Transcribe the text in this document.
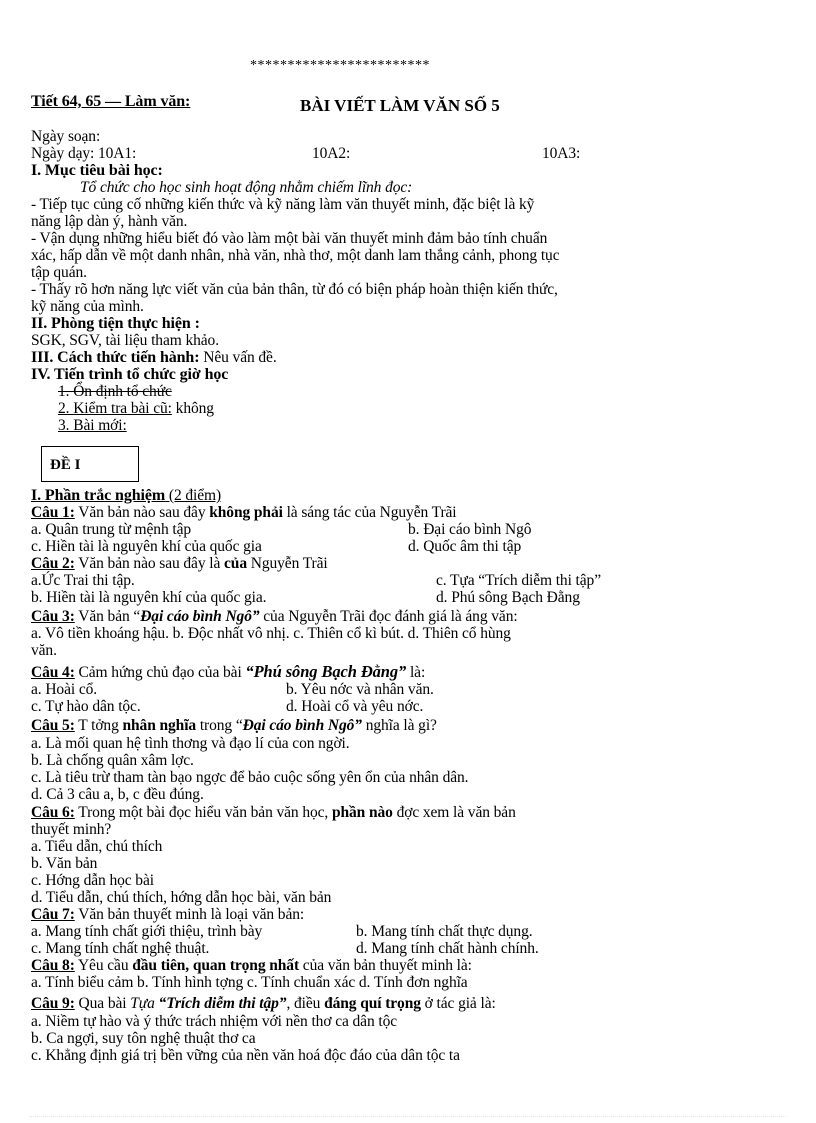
************************
Tiết 64, 65 — Làm văn:	BÀI VIẾT LÀM VĂN SỐ 5
Ngày soạn:
Ngày dạy: 10A1:	10A2:	10A3:
I. Mục tiêu bài học:
Tổ chức cho học sinh hoạt động nhằm chiếm lĩnh đọc:
- Tiếp tục củng cố những kiến thức và kỹ năng làm văn thuyết minh, đặc biệt là kỹ
năng lập dàn ý, hành văn.
- Vận dụng những hiểu biết đó vào làm một bài văn thuyết minh đảm bảo tính chuẩn
xác, hấp dẫn về một danh nhân, nhà văn, nhà thơ, một danh lam thắng cảnh, phong tục
tập quán.
- Thấy rõ hơn năng lực viết văn của bản thân, từ đó có biện pháp hoàn thiện kiến thức,
kỹ năng của mình.
II. Phòng tiện thực hiện :
SGK, SGV, tài liệu tham khảo.
III. Cách thức tiến hành: Nêu vấn đề.
IV. Tiến trình tổ chức giờ học
1. Ổn định tổ chức
2. Kiểm tra bài cũ: không
3. Bài mới:
ĐỀ I
I. Phần trắc nghiệm (2 điểm)
Câu 1: Văn bản nào sau đây không phải là sáng tác của Nguyễn Trãi
a. Quân trung từ mệnh tập	b. Đại cáo bình Ngô
c. Hiền tài là nguyên khí của quốc gia	d. Quốc âm thi tập
Câu 2: Văn bản nào sau đây là của Nguyễn Trãi
a.Ức Trai thi tập.	c. Tựa “Trích diễm thi tập”
b. Hiền tài là nguyên khí của quốc gia.	d. Phú sông Bạch Đằng
Câu 3: Văn bản “Đại cáo bình Ngô” của Nguyễn Trãi đọc đánh giá là áng văn:
a. Vô tiền khoáng hậu. b. Độc nhất vô nhị. c. Thiên cổ kì bút. d. Thiên cổ hùng
văn.
Câu 4: Cảm hứng chủ đạo của bài “Phú sông Bạch Đằng” là:
a. Hoài cổ.	b. Yêu nớc và nhân văn.
c. Tự hào dân tộc.	d. Hoài cổ và yêu nớc.
Câu 5: T tởng nhân nghĩa trong “Đại cáo bình Ngô” nghĩa là gì?
a. Là mối quan hệ tình thơng và đạo lí của con ngời.
b. Là chống quân xâm lợc.
c. Là tiêu trừ tham tàn bạo ngợc để bảo cuộc sống yên ổn của nhân dân.
d. Cả 3 câu a, b, c đều đúng.
Câu 6: Trong một bài đọc hiểu văn bản văn học, phần nào đợc xem là văn bản
thuyết minh?
a. Tiểu dẫn, chú thích
b. Văn bản
c. Hớng dẫn học bài
d. Tiểu dẫn, chú thích, hớng dẫn học bài, văn bản
Câu 7: Văn bản thuyết minh là loại văn bản:
a. Mang tính chất giới thiệu, trình bày	b. Mang tính chất thực dụng.
c. Mang tính chất nghệ thuật.	d. Mang tính chất hành chính.
Câu 8: Yêu cầu đầu tiên, quan trọng nhất của văn bản thuyết minh là:
a. Tính biểu cảm b. Tính hình tợng c. Tính chuẩn xác d. Tính đơn nghĩa
Câu 9: Qua bài Tựa “Trích diễm thi tập”, điều đáng quí trọng ở tác giả là:
a. Niềm tự hào và ý thức trách nhiệm với nền thơ ca dân tộc
b. Ca ngợi, suy tôn nghệ thuật thơ ca
c. Khẳng định giá trị bền vững của nền văn hoá độc đáo của dân tộc ta
